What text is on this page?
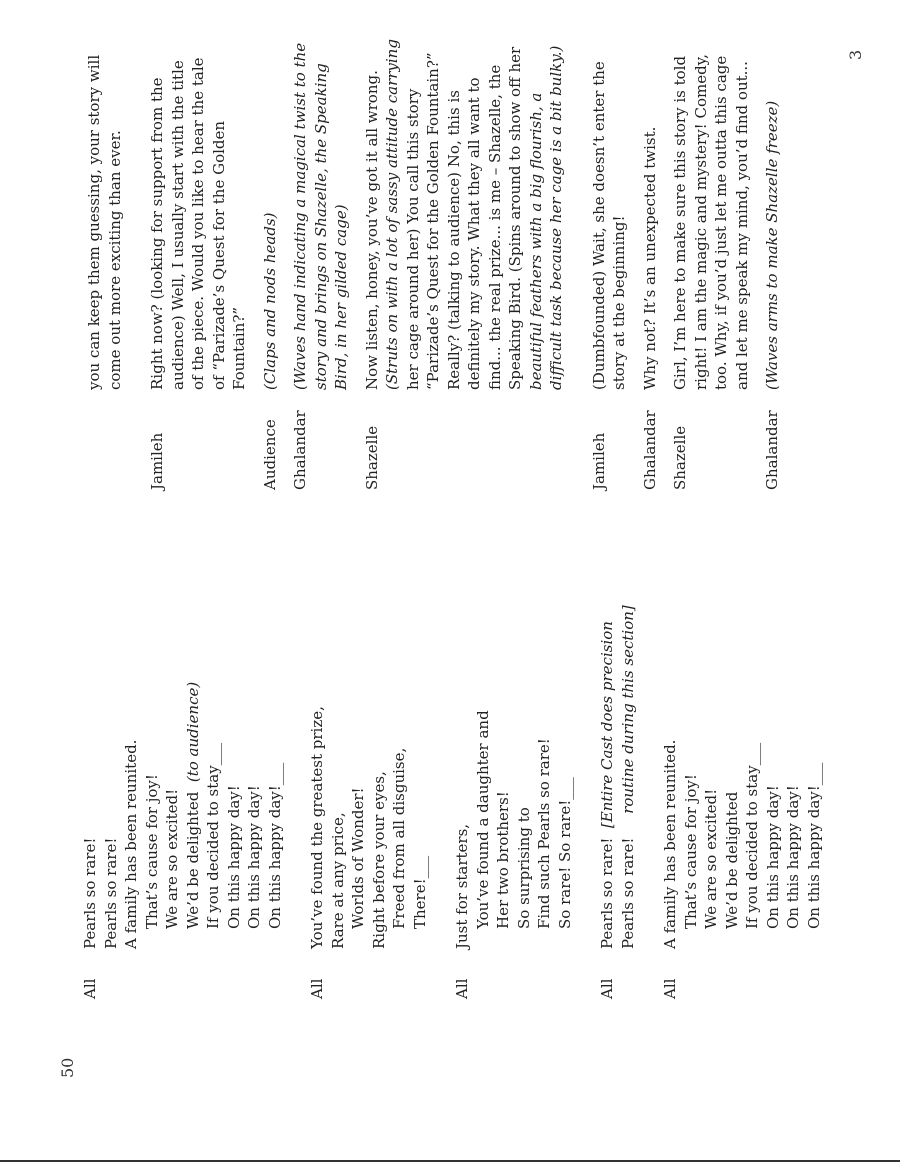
50
3
All
Pearls so rare! Pearls so rare! A family has been reunited. That’s cause for joy! We are so excited! We’d be delighted  (to audience)
If you decided to stay___ On this happy day! On this happy day! On this happy day!___
All
You’ve found the greatest prize, Rare at any price, Worlds of Wonder! Right before your eyes, Freed from all disguise, There!___
All
Just for starters, You’ve found a daughter and Her two brothers! So surprising to Find such Pearls so rare! So rare! So rare!___
All
Pearls so rare!  [Entire Cast does precision
Pearls so rare!     routine during this section]
All
A family has been reunited. That’s cause for joy! We are so excited! We’d be delighted If you decided to stay___ On this happy day! On this happy day! On this happy day!___
you can keep them guessing, your story will come out more exciting than ever.
Jamileh
Right now? (looking for support from the audience) Well, I usually start with the title of the piece. Would you like to hear the tale of “Parizade’s Quest for the Golden Fountain?”
Audience
(Claps and nods heads)
Ghalandar
(Waves hand indicating a magical twist to the story and brings on Shazelle, the Speaking Bird, in her gilded cage)
Shazelle
Now listen, honey, you’ve got it all wrong. (Struts on with a lot of sassy attitude carrying her cage around her) You call this story “Parizade’s Quest for the Golden Fountain?” Really? (talking to audience) No, this is definitely my story. What they all want to find... the real prize... is me – Shazelle, the Speaking Bird. (Spins around to show off her beautiful feathers with a big flourish, a difficult task because her cage is a bit bulky.)
Jamileh
(Dumbfounded) Wait, she doesn’t enter the story at the beginning!
Ghalandar
Why not? It’s an unexpected twist.
Shazelle
Girl, I’m here to make sure this story is told right! I am the magic and mystery! Comedy, too. Why, if you’d just let me outta this cage and let me speak my mind, you’d find out...
Ghalandar
(Waves arms to make Shazelle freeze)
